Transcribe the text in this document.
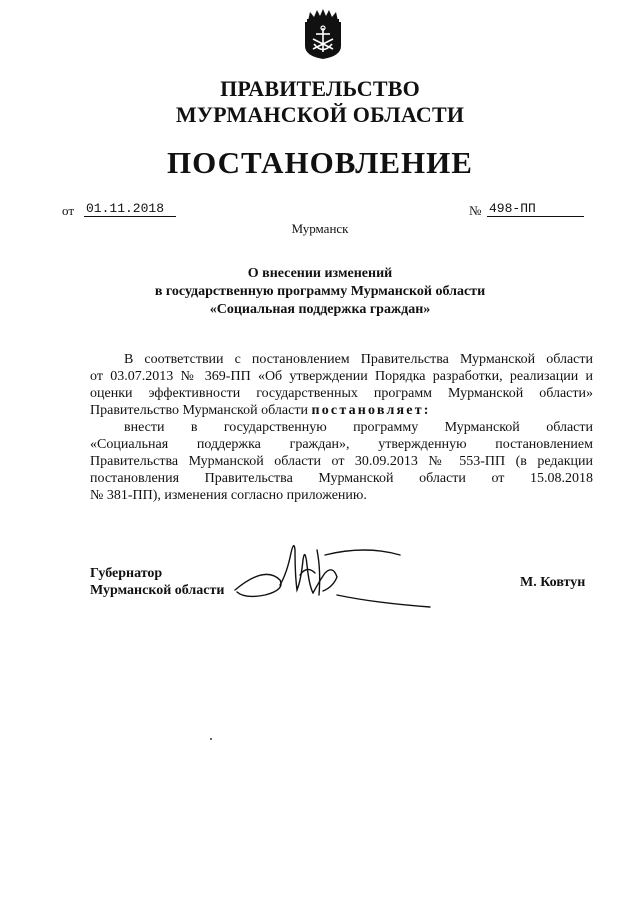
ПРАВИТЕЛЬСТВО
МУРМАНСКОЙ ОБЛАСТИ
ПОСТАНОВЛЕНИЕ
от 01.11.2018	№ 498-ПП
Мурманск
О внесении изменений
в государственную программу Мурманской области
«Социальная поддержка граждан»
В соответствии с постановлением Правительства Мурманской области
от 03.07.2013 № 369-ПП «Об утверждении Порядка разработки, реализации и
оценки эффективности государственных программ Мурманской области»
Правительство Мурманской области постановляет:
внести в государственную программу Мурманской области
«Социальная поддержка граждан», утвержденную постановлением
Правительства Мурманской области от 30.09.2013 № 553-ПП (в редакции
постановления Правительства Мурманской области от 15.08.2018
№ 381-ПП), изменения согласно приложению.
Губернатор
Мурманской области
М. Ковтун
